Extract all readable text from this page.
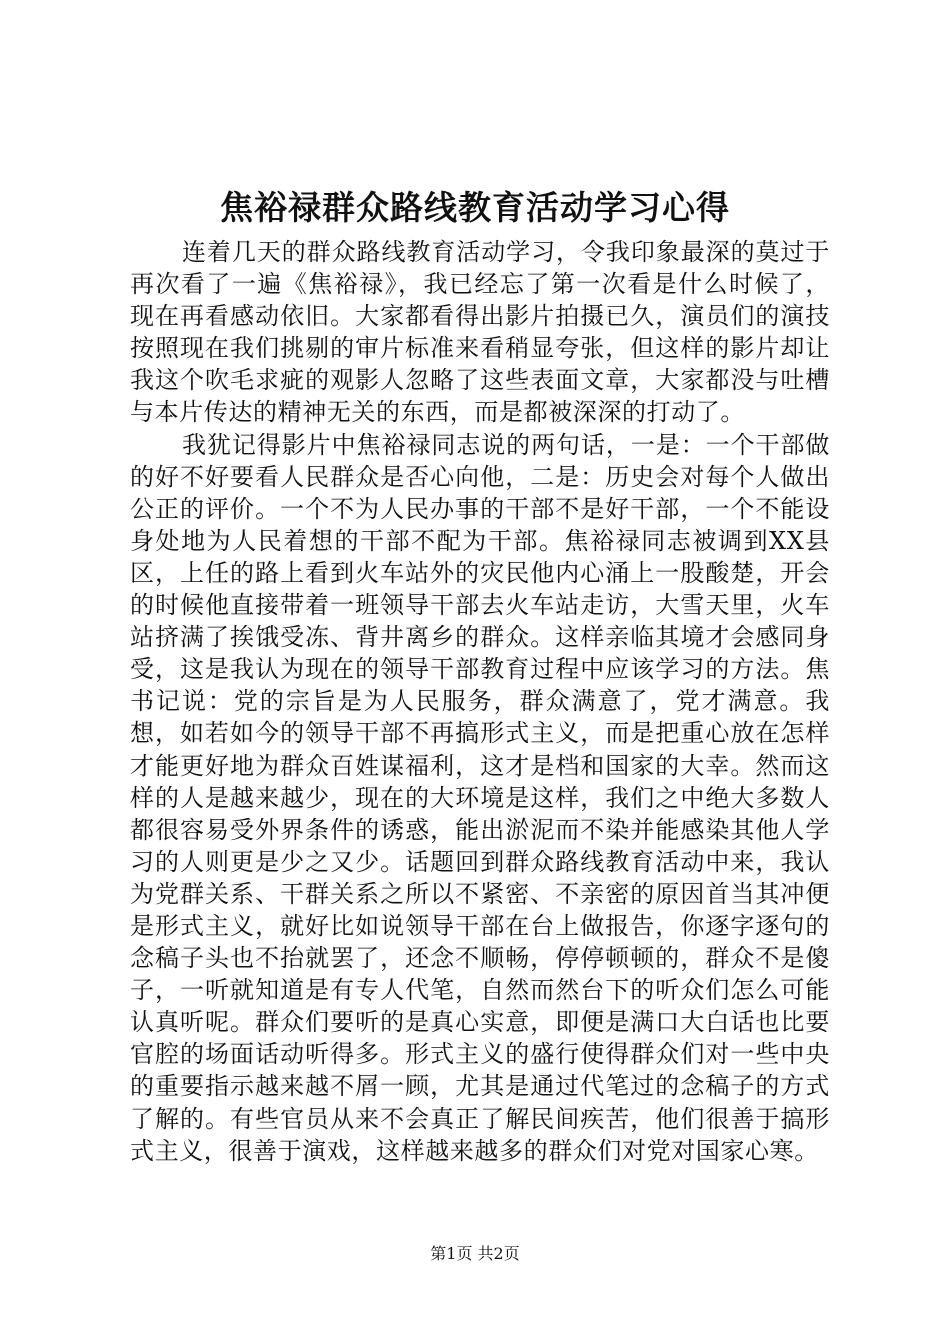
焦裕禄群众路线教育活动学习心得

连着几天的群众路线教育活动学习，令我印象最深的莫过于再次看了一遍《焦裕禄》，我已经忘了第一次看是什么时候了，现在再看感动依旧。大家都看得出影片拍摄已久，演员们的演技按照现在我们挑剔的审片标准来看稍显夸张，但这样的影片却让我这个吹毛求疵的观影人忽略了这些表面文章，大家都没与吐槽与本片传达的精神无关的东西，而是都被深深的打动了。

我犹记得影片中焦裕禄同志说的两句话，一是：一个干部做的好不好要看人民群众是否心向他，二是：历史会对每个人做出公正的评价。一个不为人民办事的干部不是好干部，一个不能设身处地为人民着想的干部不配为干部。焦裕禄同志被调到XX县区，上任的路上看到火车站外的灾民他内心涌上一股酸楚，开会的时候他直接带着一班领导干部去火车站走访，大雪天里，火车站挤满了挨饿受冻、背井离乡的群众。这样亲临其境才会感同身受，这是我认为现在的领导干部教育过程中应该学习的方法。焦书记说：党的宗旨是为人民服务，群众满意了，党才满意。我想，如若如今的领导干部不再搞形式主义，而是把重心放在怎样才能更好地为群众百姓谋福利，这才是档和国家的大幸。然而这样的人是越来越少，现在的大环境是这样，我们之中绝大多数人都很容易受外界条件的诱惑，能出淤泥而不染并能感染其他人学习的人则更是少之又少。话题回到群众路线教育活动中来，我认为党群关系、干群关系之所以不紧密、不亲密的原因首当其冲便是形式主义，就好比如说领导干部在台上做报告，你逐字逐句的念稿子头也不抬就罢了，还念不顺畅，停停顿顿的，群众不是傻子，一听就知道是有专人代笔，自然而然台下的听众们怎么可能认真听呢。群众们要听的是真心实意，即便是满口大白话也比要官腔的场面话动听得多。形式主义的盛行使得群众们对一些中央的重要指示越来越不屑一顾，尤其是通过代笔过的念稿子的方式了解的。有些官员从来不会真正了解民间疾苦，他们很善于搞形式主义，很善于演戏，这样越来越多的群众们对党对国家心寒。

第1页 共2页
